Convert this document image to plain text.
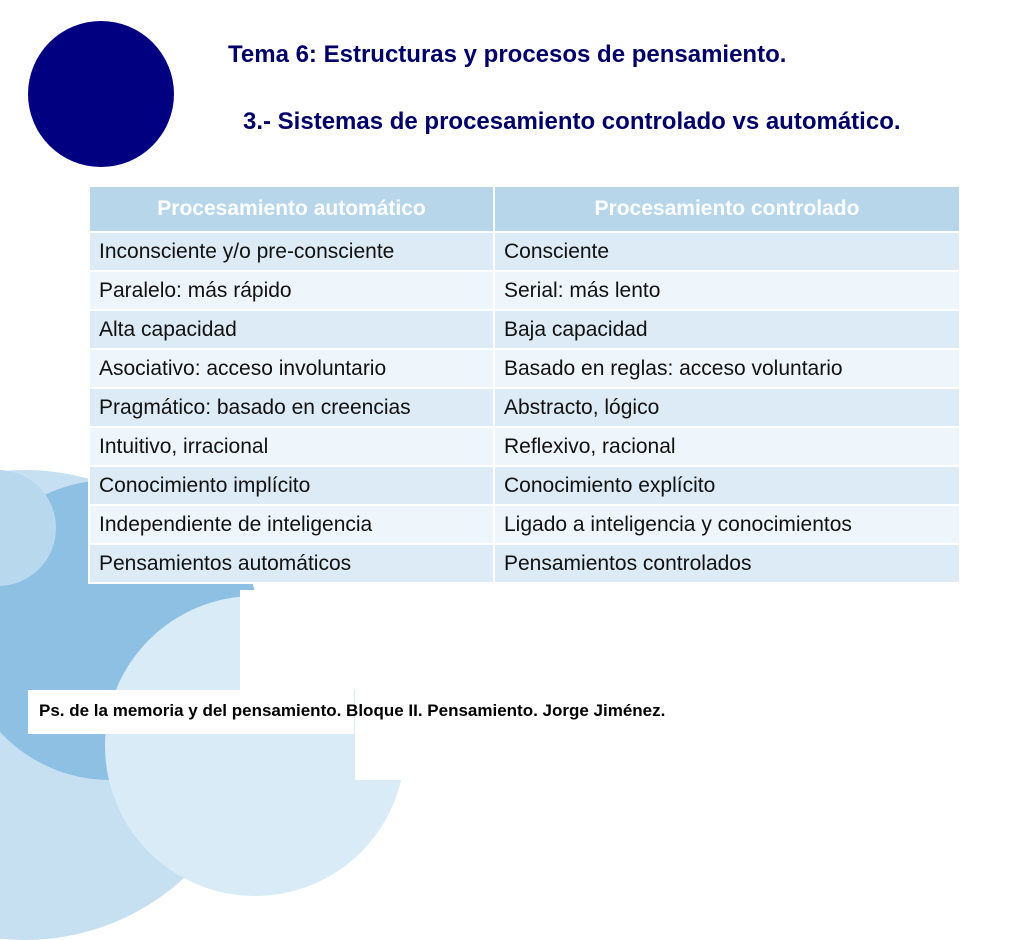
Tema 6: Estructuras y procesos de pensamiento.
3.- Sistemas de procesamiento controlado vs automático.
Procesamiento automático	Procesamiento controlado
Inconsciente y/o pre-consciente	Consciente
Paralelo: más rápido	Serial: más lento
Alta capacidad	Baja capacidad
Asociativo: acceso involuntario	Basado en reglas: acceso voluntario
Pragmático: basado en creencias	Abstracto, lógico
Intuitivo, irracional	Reflexivo, racional
Conocimiento implícito	Conocimiento explícito
Independiente de inteligencia	Ligado a inteligencia y conocimientos
Pensamientos automáticos	Pensamientos controlados

Ps. de la memoria y del pensamiento. Bloque II. Pensamiento. Jorge Jiménez.
